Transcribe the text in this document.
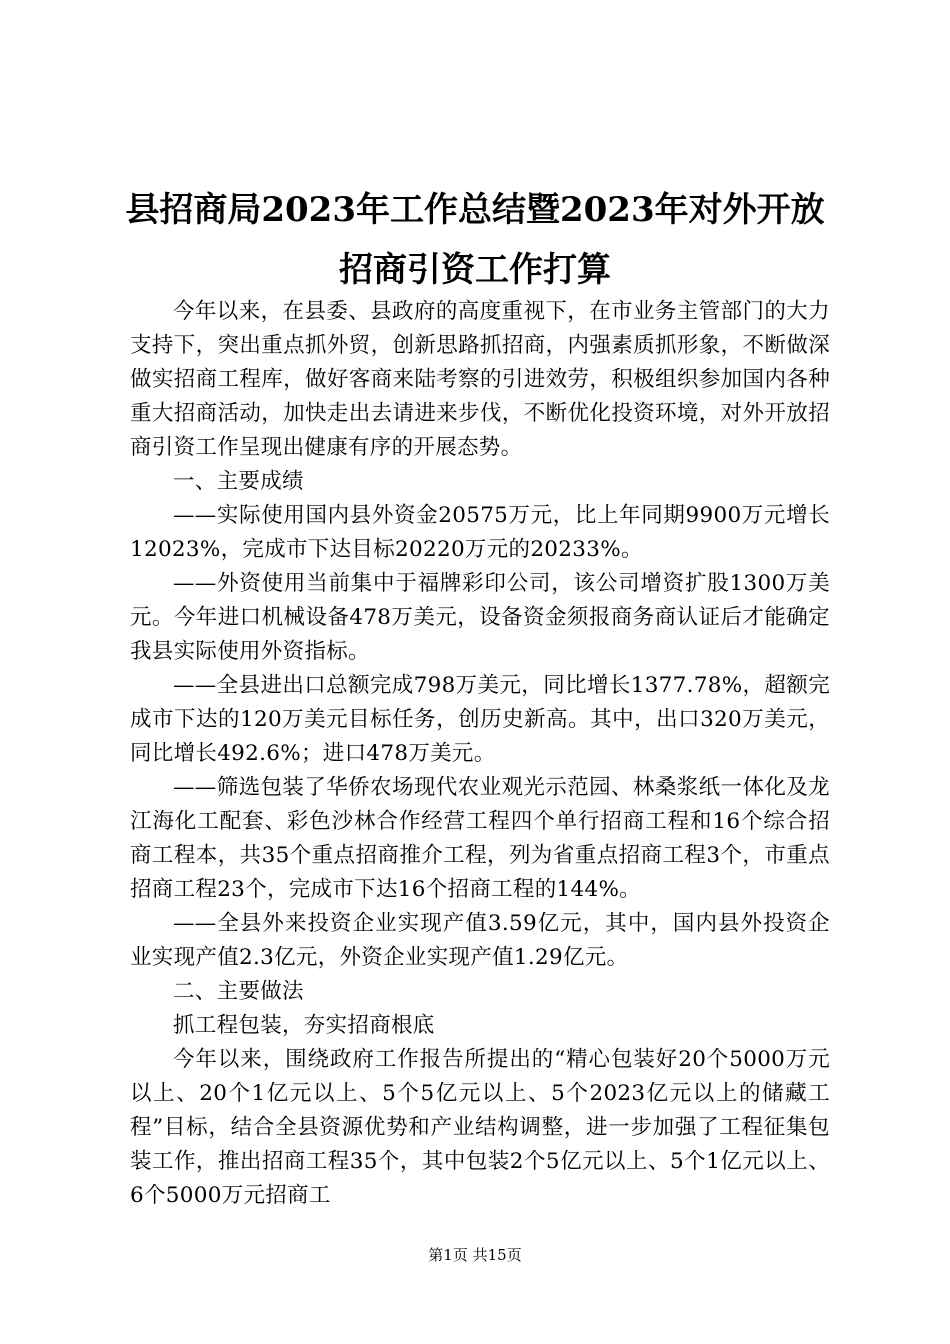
县招商局2023年工作总结暨2023年对外开放
招商引资工作打算

今年以来，在县委、县政府的高度重视下，在市业务主管部门的大力支持下，突出重点抓外贸，创新思路抓招商，内强素质抓形象，不断做深做实招商工程库，做好客商来陆考察的引进效劳，积极组织参加国内各种重大招商活动，加快走出去请进来步伐，不断优化投资环境，对外开放招商引资工作呈现出健康有序的开展态势。

一、主要成绩

——实际使用国内县外资金20575万元，比上年同期9900万元增长12023%，完成市下达目标20220万元的20233%。

——外资使用当前集中于福牌彩印公司，该公司增资扩股1300万美元。今年进口机械设备478万美元，设备资金须报商务商认证后才能确定我县实际使用外资指标。

——全县进出口总额完成798万美元，同比增长1377.78%，超额完成市下达的120万美元目标任务，创历史新高。其中，出口320万美元，同比增长492.6%；进口478万美元。

——筛选包装了华侨农场现代农业观光示范园、林桑浆纸一体化及龙江海化工配套、彩色沙林合作经营工程四个单行招商工程和16个综合招商工程本，共35个重点招商推介工程，列为省重点招商工程3个，市重点招商工程23个，完成市下达16个招商工程的144%。

——全县外来投资企业实现产值3.59亿元，其中，国内县外投资企业实现产值2.3亿元，外资企业实现产值1.29亿元。

二、主要做法

抓工程包装，夯实招商根底

今年以来，围绕政府工作报告所提出的“精心包装好20个5000万元以上、20个1亿元以上、5个5亿元以上、5个2023亿元以上的储藏工程”目标，结合全县资源优势和产业结构调整，进一步加强了工程征集包装工作，推出招商工程35个，其中包装2个5亿元以上、5个1亿元以上、6个5000万元招商工

第1页 共15页
